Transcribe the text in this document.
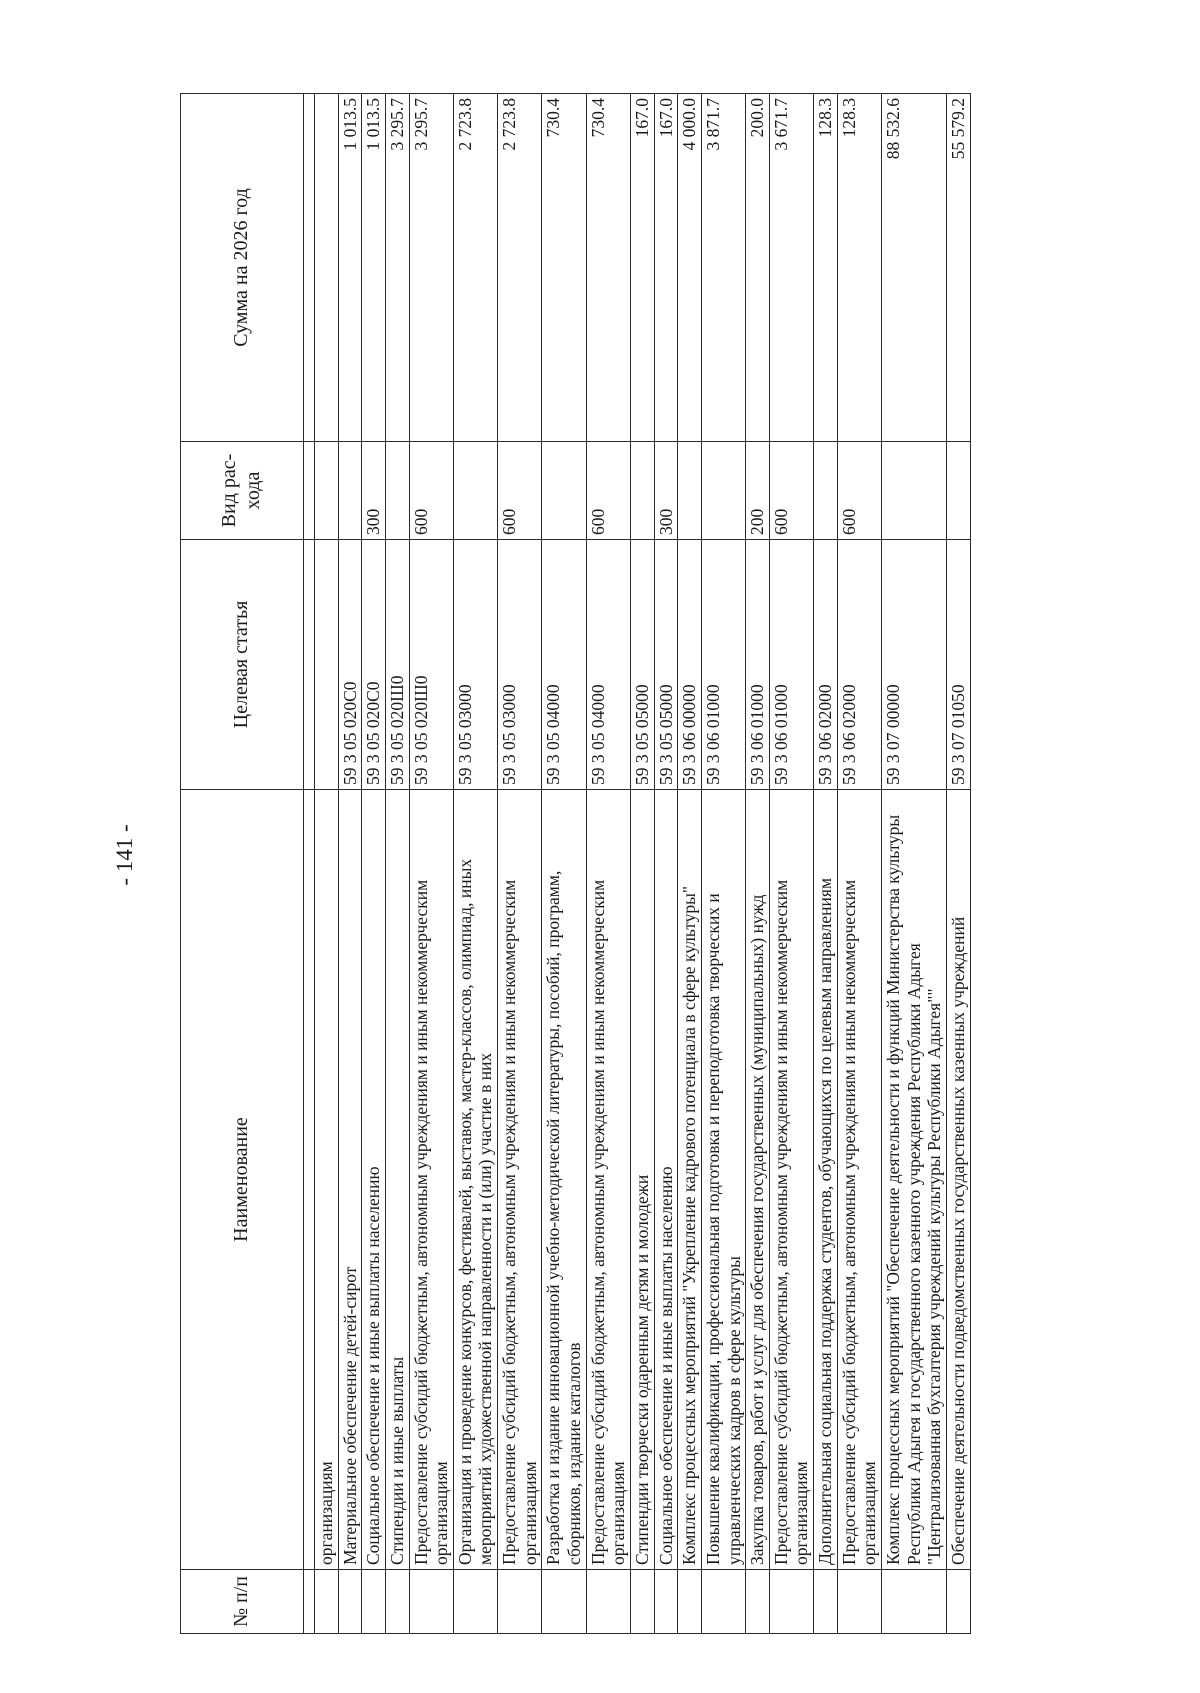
- 141 -
№ п/п	Наименование	Целевая статья	Вид рас-хода	Сумма на 2026 год

	организациям			
	Материальное обеспечение детей-сирот	59 3 05 020С0		1 013.5
	Социальное обеспечение и иные выплаты населению	59 3 05 020С0	300	1 013.5
	Стипендии и иные выплаты	59 3 05 020Ш0		3 295.7
	Предоставление субсидий бюджетным, автономным учреждениям и иным некоммерческим организациям	59 3 05 020Ш0	600	3 295.7
	Организация и проведение конкурсов, фестивалей, выставок, мастер-классов, олимпиад, иных мероприятий художественной направленности и (или) участие в них	59 3 05 03000		2 723.8
	Предоставление субсидий бюджетным, автономным учреждениям и иным некоммерческим организациям	59 3 05 03000	600	2 723.8
	Разработка и издание инновационной учебно-методической литературы, пособий, программ, сборников, издание каталогов	59 3 05 04000		730.4
	Предоставление субсидий бюджетным, автономным учреждениям и иным некоммерческим организациям	59 3 05 04000	600	730.4
	Стипендии творчески одаренным детям и молодежи	59 3 05 05000		167.0
	Социальное обеспечение и иные выплаты населению	59 3 05 05000	300	167.0
	Комплекс процессных мероприятий "Укрепление кадрового потенциала в сфере культуры"	59 3 06 00000		4 000.0
	Повышение квалификации, профессиональная подготовка и переподготовка творческих и управленческих кадров в сфере культуры	59 3 06 01000		3 871.7
	Закупка товаров, работ и услуг для обеспечения государственных (муниципальных) нужд	59 3 06 01000	200	200.0
	Предоставление субсидий бюджетным, автономным учреждениям и иным некоммерческим организациям	59 3 06 01000	600	3 671.7
	Дополнительная социальная поддержка студентов, обучающихся по целевым направлениям	59 3 06 02000		128.3
	Предоставление субсидий бюджетным, автономным учреждениям и иным некоммерческим организациям	59 3 06 02000	600	128.3
	Комплекс процессных мероприятий "Обеспечение деятельности и функций Министерства культуры Республики Адыгея и государственного казенного учреждения Республики Адыгея "Централизованная бухгалтерия учреждений культуры Республики Адыгея""	59 3 07 00000		88 532.6
	Обеспечение деятельности подведомственных государственных казенных учреждений	59 3 07 01050		55 579.2
